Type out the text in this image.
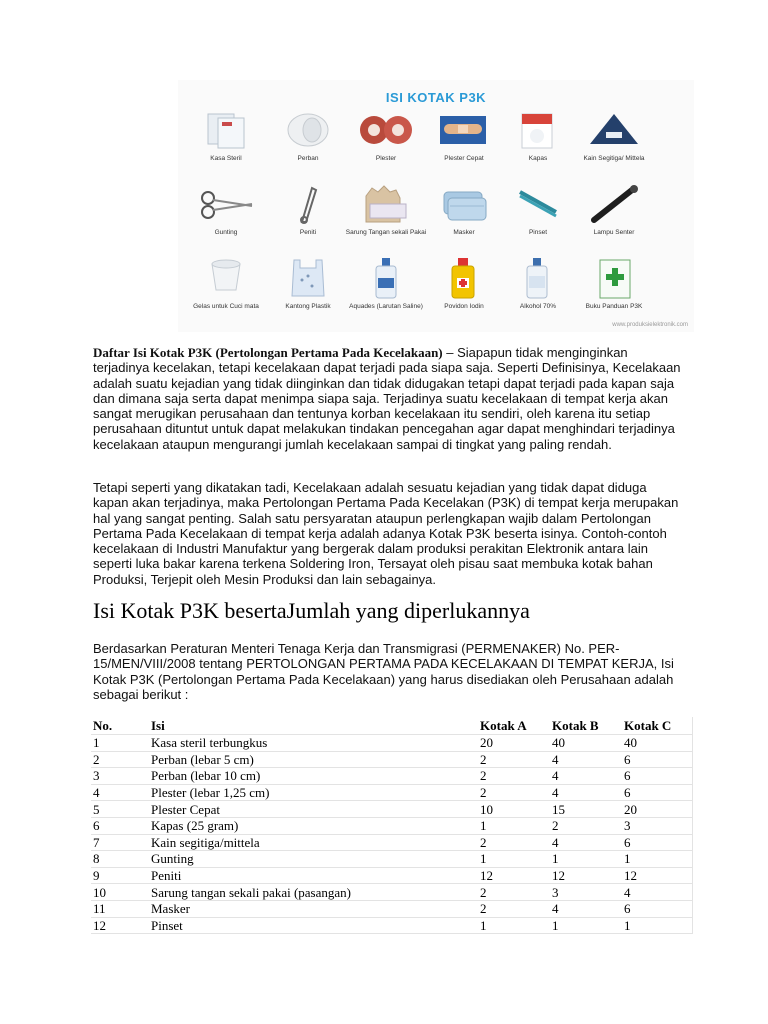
ISI KOTAK P3K
Kasa Steril	Perban	Plester	Plester Cepat	Kapas	Kain Segitiga/ Mittela
Gunting	Peniti	Sarung Tangan sekali Pakai	Masker	Pinset	Lampu Senter
Gelas untuk Cuci mata	Kantong Plastik	Aquades (Larutan Saline)	Povidon Iodin	Alkohol 70%	Buku Panduan P3K
www.produksielektronik.com
Daftar Isi Kotak P3K (Pertolongan Pertama Pada Kecelakaan) – Siapapun tidak menginginkan terjadinya kecelakan, tetapi kecelakaan dapat terjadi pada siapa saja. Seperti Definisinya, Kecelakaan adalah suatu kejadian yang tidak diinginkan dan tidak didugakan tetapi dapat terjadi pada kapan saja dan dimana saja serta dapat menimpa siapa saja. Terjadinya suatu kecelakaan di tempat kerja akan sangat merugikan perusahaan dan tentunya korban kecelakaan itu sendiri, oleh karena itu setiap perusahaan dituntut untuk dapat melakukan tindakan pencegahan agar dapat menghindari terjadinya kecelakaan ataupun mengurangi jumlah kecelakaan sampai di tingkat yang paling rendah.
Tetapi seperti yang dikatakan tadi, Kecelakaan adalah sesuatu kejadian yang tidak dapat diduga kapan akan terjadinya, maka Pertolongan Pertama Pada Kecelakan (P3K) di tempat kerja merupakan hal yang sangat penting. Salah satu persyaratan ataupun perlengkapan wajib dalam Pertolongan Pertama Pada Kecelakaan di tempat kerja adalah adanya Kotak P3K beserta isinya. Contoh-contoh kecelakaan di Industri Manufaktur yang bergerak dalam produksi perakitan Elektronik antara lain seperti luka bakar karena terkena Soldering Iron, Tersayat oleh pisau saat membuka kotak bahan Produksi, Terjepit oleh Mesin Produksi dan lain sebagainya.
Isi Kotak P3K besertaJumlah yang diperlukannya
Berdasarkan Peraturan Menteri Tenaga Kerja dan Transmigrasi (PERMENAKER) No. PER-15/MEN/VIII/2008 tentang PERTOLONGAN PERTAMA PADA KECELAKAAN DI TEMPAT KERJA, Isi Kotak P3K (Pertolongan Pertama Pada Kecelakaan) yang harus disediakan oleh Perusahaan adalah sebagai berikut :
No.	Isi	Kotak A	Kotak B	Kotak C
1	Kasa steril terbungkus	20	40	40
2	Perban (lebar 5 cm)	2	4	6
3	Perban (lebar 10 cm)	2	4	6
4	Plester (lebar 1,25 cm)	2	4	6
5	Plester Cepat	10	15	20
6	Kapas (25 gram)	1	2	3
7	Kain segitiga/mittela	2	4	6
8	Gunting	1	1	1
9	Peniti	12	12	12
10	Sarung tangan sekali pakai (pasangan)	2	3	4
11	Masker	2	4	6
12	Pinset	1	1	1
